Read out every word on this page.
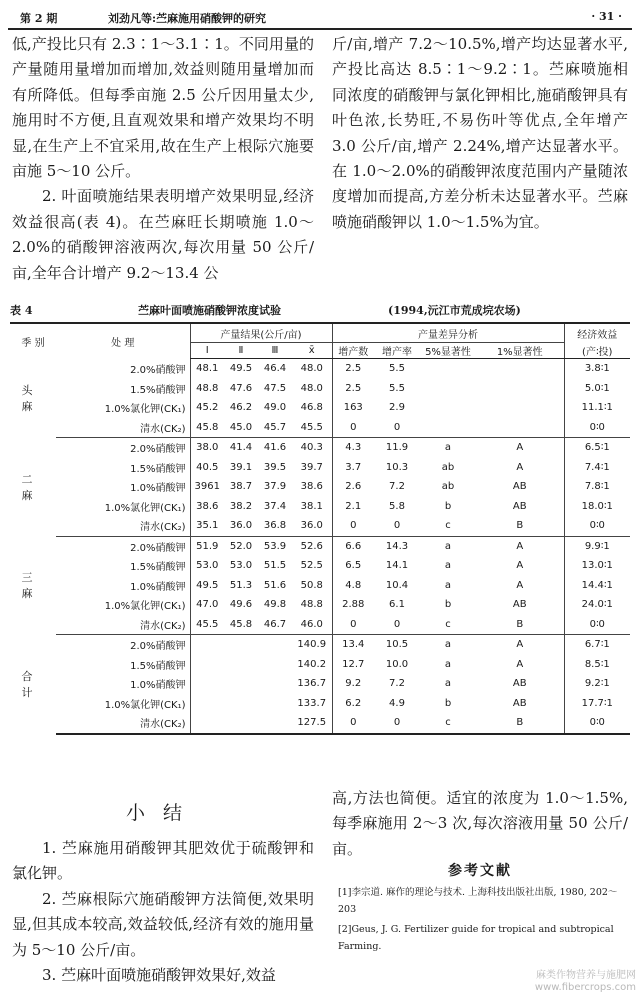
第 2 期	刘劲凡等:苎麻施用硝酸钾的研究	· 31 ·

低,产投比只有 2.3∶1～3.1∶1。不同用量的产量随用量增加而增加,效益则随用量增加而有所降低。但每季亩施 2.5 公斤因用量太少,施用时不方便,且直观效果和增产效果均不明显,在生产上不宜采用,故在生产上根际穴施要亩施 5～10 公斤。

2. 叶面喷施结果表明增产效果明显,经济效益很高(表 4)。在苎麻旺长期喷施 1.0～2.0%的硝酸钾溶液两次,每次用量 50 公斤/亩,全年合计增产 9.2～13.4 公

斤/亩,增产 7.2～10.5%,增产均达显著水平,产投比高达 8.5∶1～9.2∶1。苎麻喷施相同浓度的硝酸钾与氯化钾相比,施硝酸钾具有叶色浓,长势旺,不易伤叶等优点,全年增产 3.0 公斤/亩,增产 2.24%,增产达显著水平。在 1.0～2.0%的硝酸钾浓度范围内产量随浓度增加而提高,方差分析未达显著水平。苎麻喷施硝酸钾以 1.0～1.5%为宜。

表 4	苎麻叶面喷施硝酸钾浓度试验	(1994,沅江市荒成垸农场)
季 别	处 理	产量结果(公斤/亩)				产量差异分析				经济效益
		Ⅰ	Ⅱ	Ⅲ	x̄	增产数	增产率	5%显著性	1%显著性	(产∶投)
头 麻	2.0%硝酸钾	48.1	49.5	46.4	48.0	2.5	5.5			3.8∶1
	1.5%硝酸钾	48.8	47.6	47.5	48.0	2.5	5.5			5.0∶1
	1.0%氯化钾(CK₁)	45.2	46.2	49.0	46.8	163	2.9			11.1∶1
	清水(CK₂)	45.8	45.0	45.7	45.5	0	0			0∶0
二 麻	2.0%硝酸钾	38.0	41.4	41.6	40.3	4.3	11.9	a	A	6.5∶1
	1.5%硝酸钾	40.5	39.1	39.5	39.7	3.7	10.3	ab	A	7.4∶1
	1.0%硝酸钾	3961	38.7	37.9	38.6	2.6	7.2	ab	AB	7.8∶1
	1.0%氯化钾(CK₁)	38.6	38.2	37.4	38.1	2.1	5.8	b	AB	18.0∶1
	清水(CK₂)	35.1	36.0	36.8	36.0	0	0	c	B	0∶0
三 麻	2.0%硝酸钾	51.9	52.0	53.9	52.6	6.6	14.3	a	A	9.9∶1
	1.5%硝酸钾	53.0	53.0	51.5	52.5	6.5	14.1	a	A	13.0∶1
	1.0%硝酸钾	49.5	51.3	51.6	50.8	4.8	10.4	a	A	14.4∶1
	1.0%氯化钾(CK₁)	47.0	49.6	49.8	48.8	2.88	6.1	b	AB	24.0∶1
	清水(CK₂)	45.5	45.8	46.7	46.0	0	0	c	B	0∶0
合 计	2.0%硝酸钾				140.9	13.4	10.5	a	A	6.7∶1
	1.5%硝酸钾				140.2	12.7	10.0	a	A	8.5∶1
	1.0%硝酸钾				136.7	9.2	7.2	a	AB	9.2∶1
	1.0%氯化钾(CK₁)				133.7	6.2	4.9	b	AB	17.7∶1
	清水(CK₂)				127.5	0	0	c	B	0∶0
小结

1. 苎麻施用硝酸钾其肥效优于硫酸钾和氯化钾。

2. 苎麻根际穴施硝酸钾方法简便,效果明显,但其成本较高,效益较低,经济有效的施用量为 5～10 公斤/亩。

3. 苎麻叶面喷施硝酸钾效果好,效益

高,方法也简便。适宜的浓度为 1.0～1.5%,每季麻施用 2～3 次,每次溶液用量 50 公斤/亩。

参考文献

[1]李宗道. 麻作的理论与技术. 上海科技出版社出版, 1980, 202～203

[2]Geus, J. G. Fertilizer guide for tropical and subtropical Farming.

麻类作物营养与施肥网
www.fibercrops.com
